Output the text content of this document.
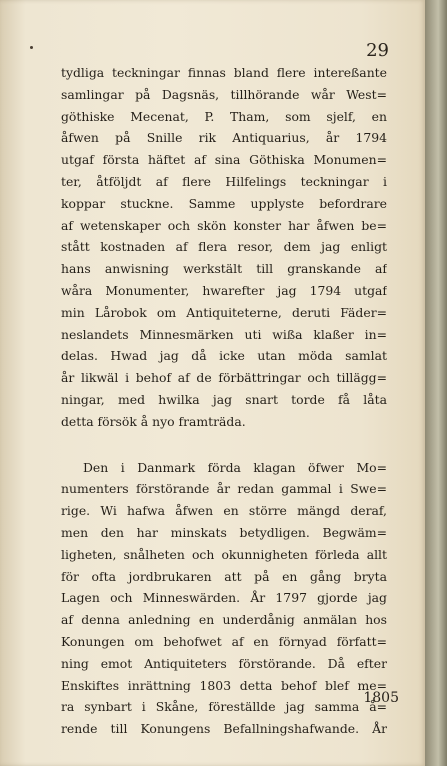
29
tydliga teckningar finnas bland flere intereßante
samlingar på Dagsnäs, tillhörande wår West=
göthiske Mecenat, P. Tham, som sjelf, en
åfwen på Snille rik Antiquarius, år 1794
utgaf första häftet af sina Göthiska Monumen=
ter, åtföljdt af flere Hilfelings teckningar i
koppar stuckne. Samme upplyste befordrare
af wetenskaper och skön konster har åfwen be=
stått kostnaden af flera resor, dem jag enligt
hans anwisning werkstält till granskande af
wåra Monumenter, hwarefter jag 1794 utgaf
min Lårobok om Antiquiteterne, deruti Fäder=
neslandets Minnesmärken uti wißa klaßer in=
delas. Hwad jag då icke utan möda samlat
år likwäl i behof af de förbättringar och tillägg=
ningar, med hwilka jag snart torde få låta
detta försök å nyo framträda.
Den i Danmark förda klagan öfwer Mo=
numenters förstörande år redan gammal i Swe=
rige. Wi hafwa åfwen en större mängd deraf,
men den har minskats betydligen. Begwäm=
ligheten, snålheten och okunnigheten förleda allt
för ofta jordbrukaren att på en gång bryta
Lagen och Minneswärden. År 1797 gjorde jag
af denna anledning en underdånig anmälan hos
Konungen om behofwet af en förnyad författ=
ning emot Antiquiteters förstörande. Då efter
Enskiftes inrättning 1803 detta behof blef me=
ra synbart i Skåne, föreställde jag samma å=
rende till Konungens Befallningshafwande. År
1805
